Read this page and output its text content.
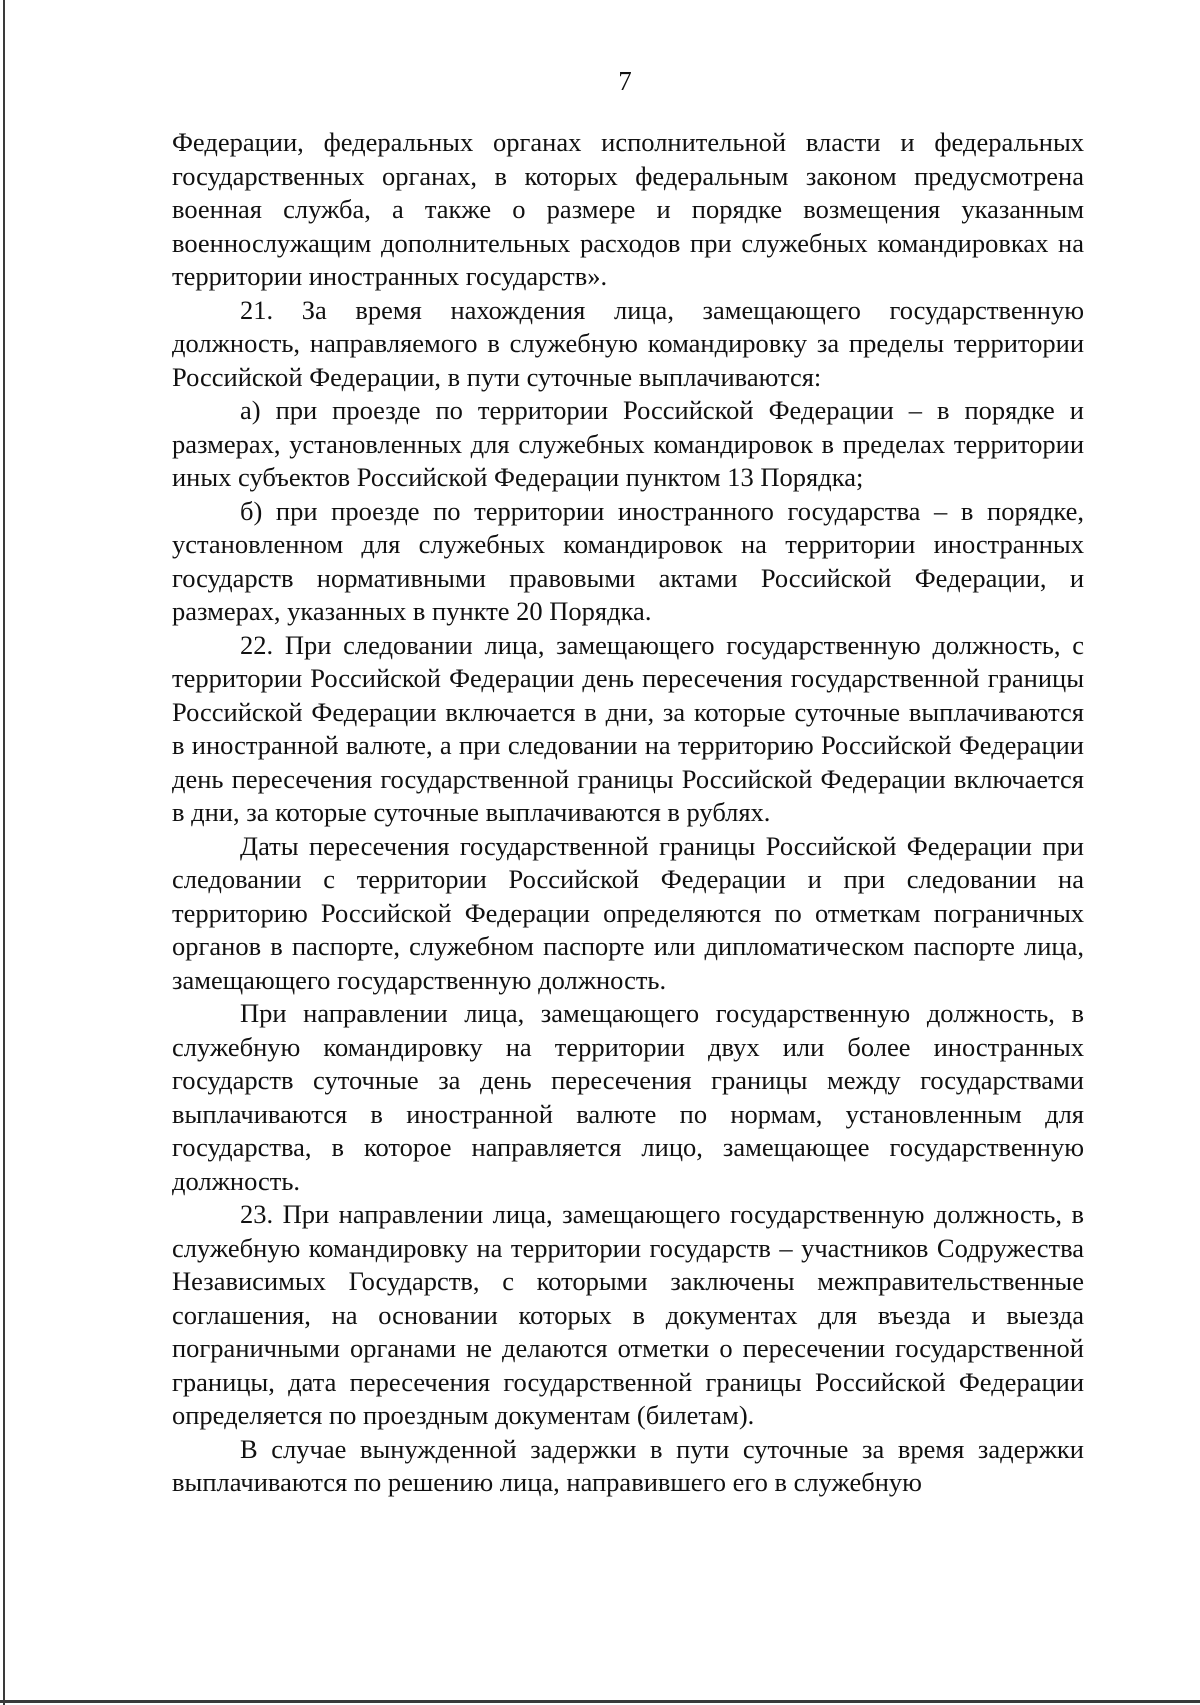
7

Федерации, федеральных органах исполнительной власти и федеральных государственных органах, в которых федеральным законом предусмотрена военная служба, а также о размере и порядке возмещения указанным военнослужащим дополнительных расходов при служебных командировках на территории иностранных государств».

21. За время нахождения лица, замещающего государственную должность, направляемого в служебную командировку за пределы территории Российской Федерации, в пути суточные выплачиваются:

а) при проезде по территории Российской Федерации – в порядке и размерах, установленных для служебных командировок в пределах территории иных субъектов Российской Федерации пунктом 13 Порядка;

б) при проезде по территории иностранного государства – в порядке, установленном для служебных командировок на территории иностранных государств нормативными правовыми актами Российской Федерации, и размерах, указанных в пункте 20 Порядка.

22. При следовании лица, замещающего государственную должность, с территории Российской Федерации день пересечения государственной границы Российской Федерации включается в дни, за которые суточные выплачиваются в иностранной валюте, а при следовании на территорию Российской Федерации день пересечения государственной границы Российской Федерации включается в дни, за которые суточные выплачиваются в рублях.

Даты пересечения государственной границы Российской Федерации при следовании с территории Российской Федерации и при следовании на территорию Российской Федерации определяются по отметкам пограничных органов в паспорте, служебном паспорте или дипломатическом паспорте лица, замещающего государственную должность.

При направлении лица, замещающего государственную должность, в служебную командировку на территории двух или более иностранных государств суточные за день пересечения границы между государствами выплачиваются в иностранной валюте по нормам, установленным для государства, в которое направляется лицо, замещающее государственную должность.

23. При направлении лица, замещающего государственную должность, в служебную командировку на территории государств – участников Содружества Независимых Государств, с которыми заключены межправительственные соглашения, на основании которых в документах для въезда и выезда пограничными органами не делаются отметки о пересечении государственной границы, дата пересечения государственной границы Российской Федерации определяется по проездным документам (билетам).

В случае вынужденной задержки в пути суточные за время задержки выплачиваются по решению лица, направившего его в служебную
